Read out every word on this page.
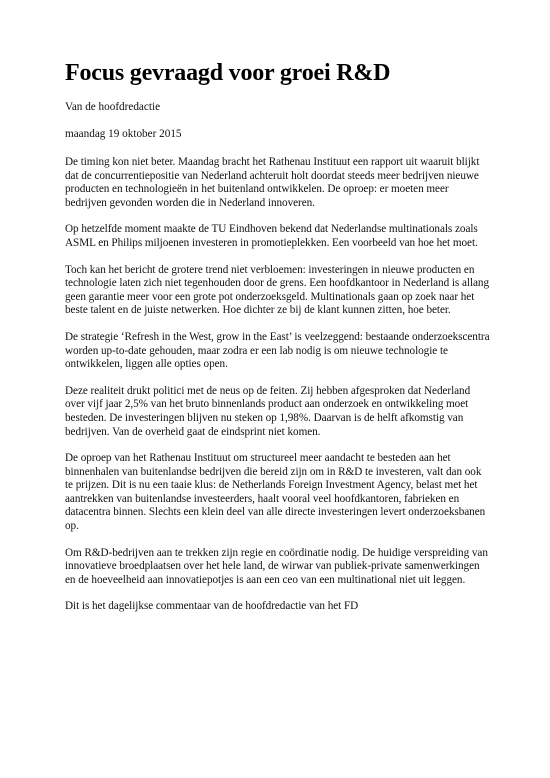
Focus gevraagd voor groei R&D

Van de hoofdredactie

maandag 19 oktober 2015

De timing kon niet beter. Maandag bracht het Rathenau Instituut een rapport uit waaruit blijkt dat de concurrentiepositie van Nederland achteruit holt doordat steeds meer bedrijven nieuwe producten en technologieën in het buitenland ontwikkelen. De oproep: er moeten meer bedrijven gevonden worden die in Nederland innoveren.

Op hetzelfde moment maakte de TU Eindhoven bekend dat Nederlandse multinationals zoals ASML en Philips miljoenen investeren in promotieplekken. Een voorbeeld van hoe het moet.

Toch kan het bericht de grotere trend niet verbloemen: investeringen in nieuwe producten en technologie laten zich niet tegenhouden door de grens. Een hoofdkantoor in Nederland is allang geen garantie meer voor een grote pot onderzoeksgeld. Multinationals gaan op zoek naar het beste talent en de juiste netwerken. Hoe dichter ze bij de klant kunnen zitten, hoe beter.

De strategie ‘Refresh in the West, grow in the East’ is veelzeggend: bestaande onderzoekscentra worden up-to-date gehouden, maar zodra er een lab nodig is om nieuwe technologie te ontwikkelen, liggen alle opties open.

Deze realiteit drukt politici met de neus op de feiten. Zij hebben afgesproken dat Nederland over vijf jaar 2,5% van het bruto binnenlands product aan onderzoek en ontwikkeling moet besteden. De investeringen blijven nu steken op 1,98%. Daarvan is de helft afkomstig van bedrijven. Van de overheid gaat de eindsprint niet komen.

De oproep van het Rathenau Instituut om structureel meer aandacht te besteden aan het binnenhalen van buitenlandse bedrijven die bereid zijn om in R&D te investeren, valt dan ook te prijzen. Dit is nu een taaie klus: de Netherlands Foreign Investment Agency, belast met het aantrekken van buitenlandse investeerders, haalt vooral veel hoofdkantoren, fabrieken en datacentra binnen. Slechts een klein deel van alle directe investeringen levert onderzoeksbanen op.

Om R&D-bedrijven aan te trekken zijn regie en coördinatie nodig. De huidige verspreiding van innovatieve broedplaatsen over het hele land, de wirwar van publiek-private samenwerkingen en de hoeveelheid aan innovatiepotjes is aan een ceo van een multinational niet uit leggen.

Dit is het dagelijkse commentaar van de hoofdredactie van het FD
